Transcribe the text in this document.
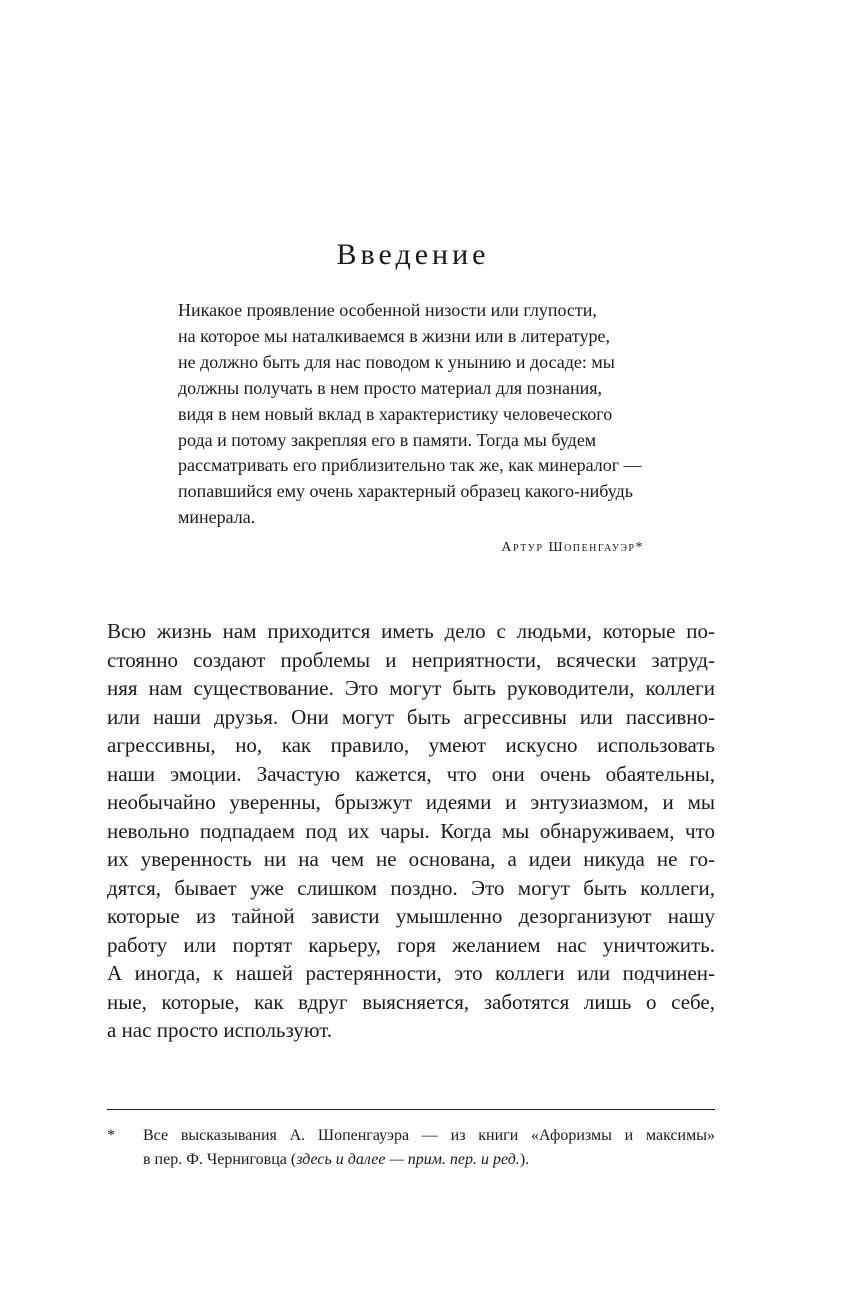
Введение
Никакое проявление особенной низости или глупости,
на которое мы наталкиваемся в жизни или в литературе,
не должно быть для нас поводом к унынию и досаде: мы
должны получать в нем просто материал для познания,
видя в нем новый вклад в характеристику человеческого
рода и потому закрепляя его в памяти. Тогда мы будем
рассматривать его приблизительно так же, как минералог —
попавшийся ему очень характерный образец какого-нибудь
минерала.
Артур Шопенгауэр*
Всю жизнь нам приходится иметь дело с людьми, которые по-
стоянно создают проблемы и неприятности, всячески затруд-
няя нам существование. Это могут быть руководители, коллеги
или наши друзья. Они могут быть агрессивны или пассивно-
агрессивны, но, как правило, умеют искусно использовать
наши эмоции. Зачастую кажется, что они очень обаятельны,
необычайно уверенны, брызжут идеями и энтузиазмом, и мы
невольно подпадаем под их чары. Когда мы обнаруживаем, что
их уверенность ни на чем не основана, а идеи никуда не го-
дятся, бывает уже слишком поздно. Это могут быть коллеги,
которые из тайной зависти умышленно дезорганизуют нашу
работу или портят карьеру, горя желанием нас уничтожить.
А иногда, к нашей растерянности, это коллеги или подчинен-
ные, которые, как вдруг выясняется, заботятся лишь о себе,
а нас просто используют.
* Все высказывания А. Шопенгауэра — из книги «Афоризмы и максимы»
в пер. Ф. Черниговца (здесь и далее — прим. пер. и ред.).
